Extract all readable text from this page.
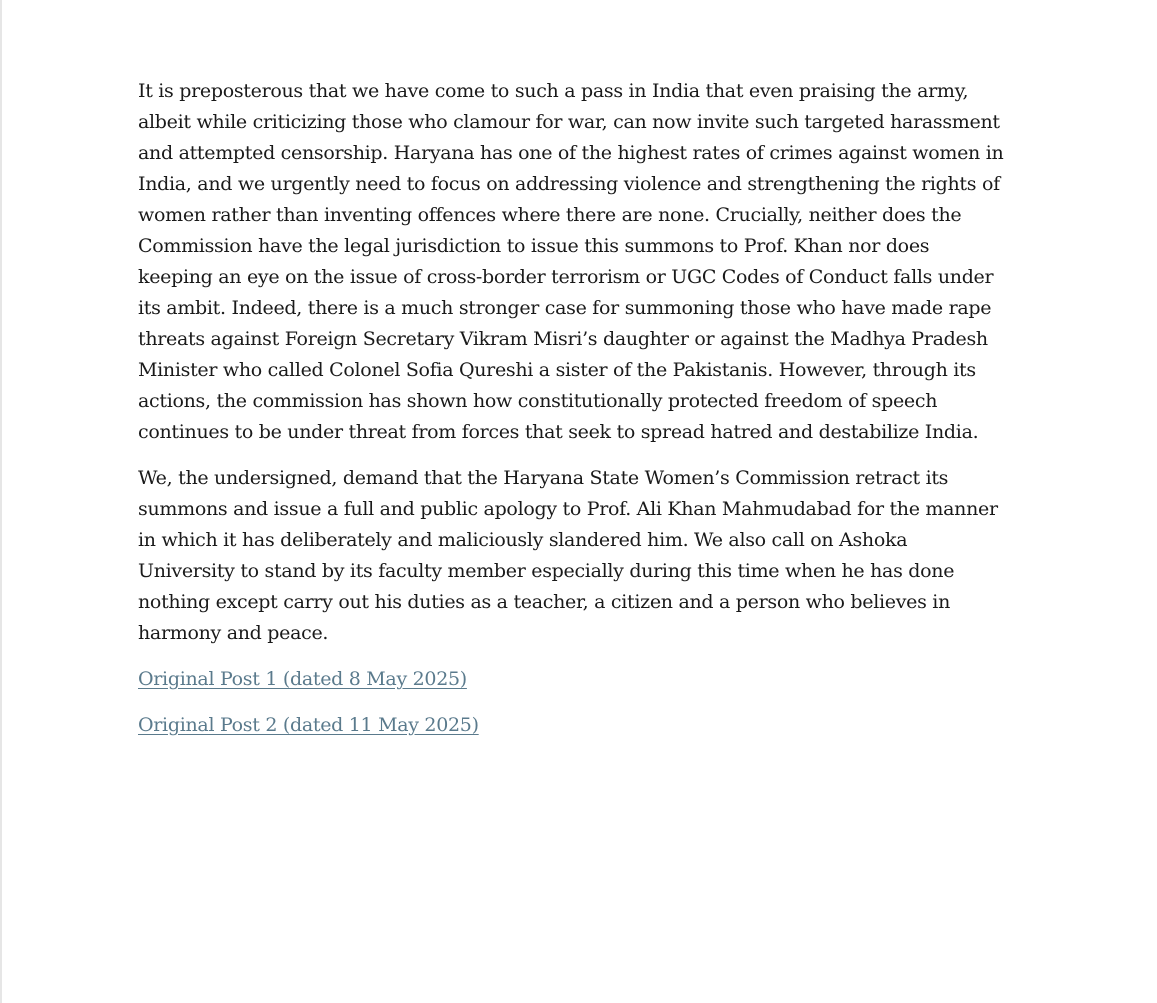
It is preposterous that we have come to such a pass in India that even praising the army,
albeit while criticizing those who clamour for war, can now invite such targeted harassment
and attempted censorship. Haryana has one of the highest rates of crimes against women in
India, and we urgently need to focus on addressing violence and strengthening the rights of
women rather than inventing offences where there are none. Crucially, neither does the
Commission have the legal jurisdiction to issue this summons to Prof. Khan nor does
keeping an eye on the issue of cross-border terrorism or UGC Codes of Conduct falls under
its ambit. Indeed, there is a much stronger case for summoning those who have made rape
threats against Foreign Secretary Vikram Misri’s daughter or against the Madhya Pradesh
Minister who called Colonel Sofia Qureshi a sister of the Pakistanis. However, through its
actions, the commission has shown how constitutionally protected freedom of speech
continues to be under threat from forces that seek to spread hatred and destabilize India.

We, the undersigned, demand that the Haryana State Women’s Commission retract its
summons and issue a full and public apology to Prof. Ali Khan Mahmudabad for the manner
in which it has deliberately and maliciously slandered him. We also call on Ashoka
University to stand by its faculty member especially during this time when he has done
nothing except carry out his duties as a teacher, a citizen and a person who believes in
harmony and peace.

Original Post 1 (dated 8 May 2025)
Original Post 2 (dated 11 May 2025)
